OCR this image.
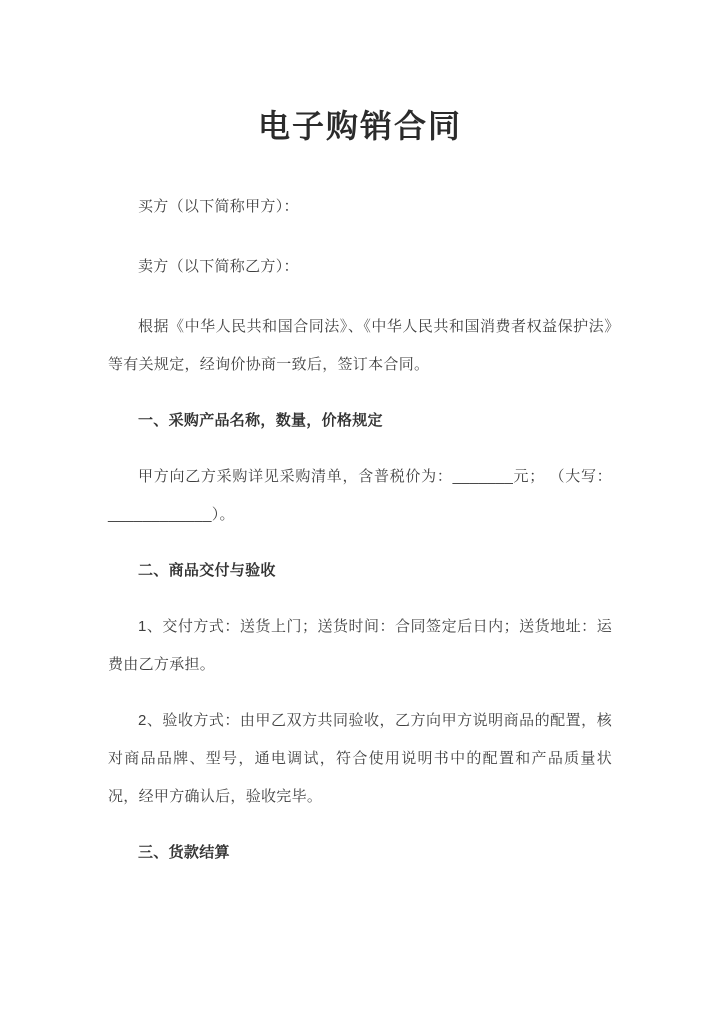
电子购销合同

买方（以下简称甲方）：

卖方（以下简称乙方）：

根据《中华人民共和国合同法》、《中华人民共和国消费者权益保护法》等有关规定，经询价协商一致后，签订本合同。

一、采购产品名称，数量，价格规定

甲方向乙方采购详见采购清单，含普税价为：_______元； （大写：____________）。

二、商品交付与验收

1、交付方式：送货上门；送货时间：合同签定后日内；送货地址：运费由乙方承担。

2、验收方式：由甲乙双方共同验收，乙方向甲方说明商品的配置，核对商品品牌、型号，通电调试，符合使用说明书中的配置和产品质量状况，经甲方确认后，验收完毕。

三、货款结算
